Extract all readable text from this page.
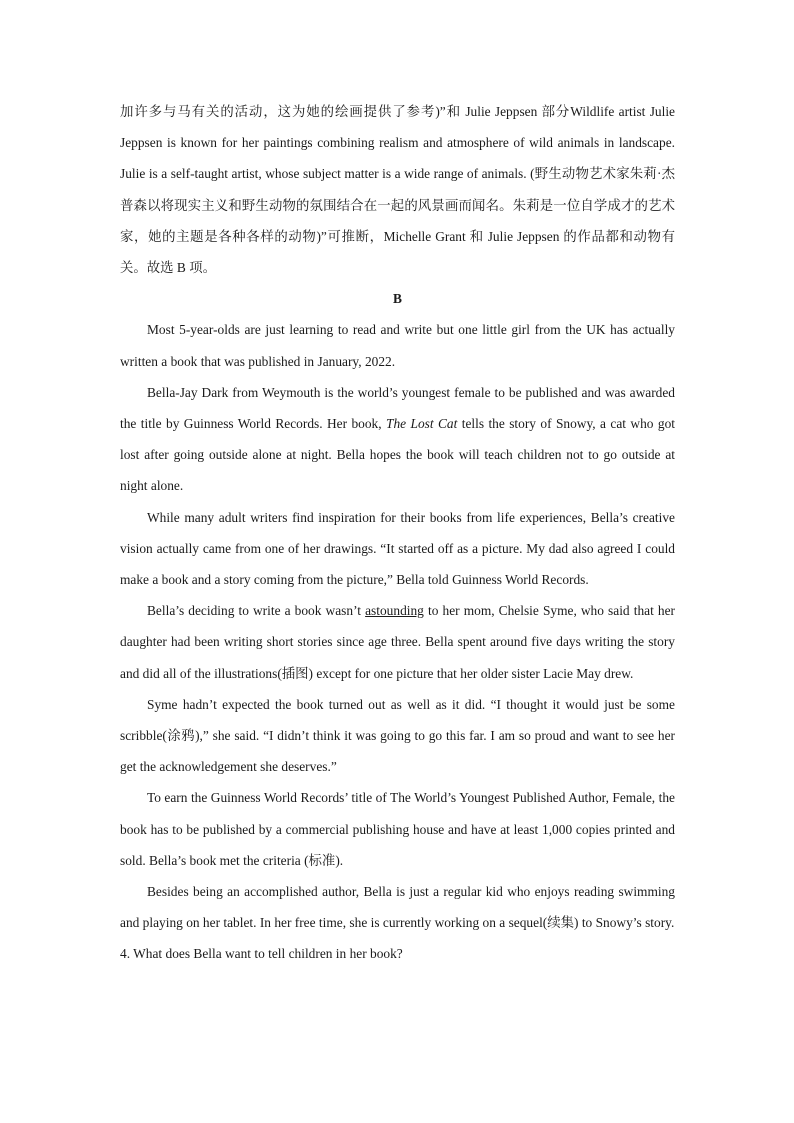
加许多与马有关的活动，这为她的绘画提供了参考)”和 Julie Jeppsen 部分Wildlife artist Julie Jeppsen is known for her paintings combining realism and atmosphere of wild animals in landscape. Julie is a self-taught artist, whose subject matter is a wide range of animals. (野生动物艺术家朱莉·杰普森以将现实主义和野生动物的氛围结合在一起的风景画而闻名。朱莉是一位自学成才的艺术家，她的主题是各种各样的动物)”可推断，Michelle Grant 和 Julie Jeppsen 的作品都和动物有关。故选 B 项。

B

Most 5-year-olds are just learning to read and write but one little girl from the UK has actually written a book that was published in January, 2022.

Bella-Jay Dark from Weymouth is the world’s youngest female to be published and was awarded the title by Guinness World Records. Her book, The Lost Cat tells the story of Snowy, a cat who got lost after going outside alone at night. Bella hopes the book will teach children not to go outside at night alone.

While many adult writers find inspiration for their books from life experiences, Bella’s creative vision actually came from one of her drawings. “It started off as a picture. My dad also agreed I could make a book and a story coming from the picture,” Bella told Guinness World Records.

Bella’s deciding to write a book wasn’t astounding to her mom, Chelsie Syme, who said that her daughter had been writing short stories since age three. Bella spent around five days writing the story and did all of the illustrations(插图) except for one picture that her older sister Lacie May drew.

Syme hadn’t expected the book turned out as well as it did. “I thought it would just be some scribble(涂鸦),” she said. “I didn’t think it was going to go this far. I am so proud and want to see her get the acknowledgement she deserves.”

To earn the Guinness World Records’ title of The World’s Youngest Published Author, Female, the book has to be published by a commercial publishing house and have at least 1,000 copies printed and sold. Bella’s book met the criteria (标准).

Besides being an accomplished author, Bella is just a regular kid who enjoys reading swimming and playing on her tablet. In her free time, she is currently working on a sequel(续集) to Snowy’s story.

4. What does Bella want to tell children in her book?
